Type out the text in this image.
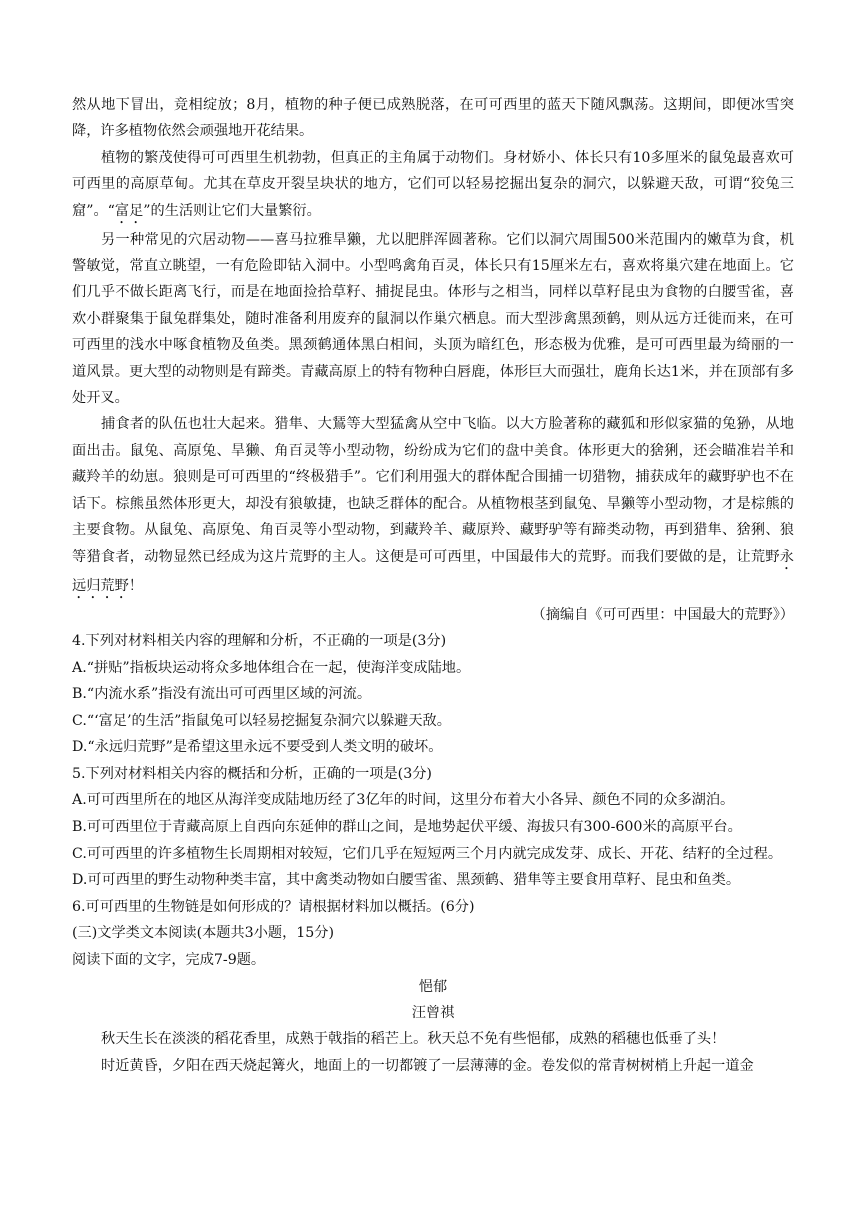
然从地下冒出，竞相绽放；8月，植物的种子便已成熟脱落，在可可西里的蓝天下随风飘荡。这期间，即便冰雪突降，许多植物依然会顽强地开花结果。

植物的繁茂使得可可西里生机勃勃，但真正的主角属于动物们。身材娇小、体长只有10多厘米的鼠兔最喜欢可可西里的高原草甸。尤其在草皮开裂呈块状的地方，它们可以轻易挖掘出复杂的洞穴，以躲避天敌，可谓“狡兔三窟”。“富足”的生活则让它们大量繁衍。

另一种常见的穴居动物——喜马拉雅旱獭，尤以肥胖浑圆著称。它们以洞穴周围500米范围内的嫩草为食，机警敏觉，常直立眺望，一有危险即钻入洞中。小型鸣禽角百灵，体长只有15厘米左右，喜欢将巢穴建在地面上。它们几乎不做长距离飞行，而是在地面捡拾草籽、捕捉昆虫。体形与之相当，同样以草籽昆虫为食物的白腰雪雀，喜欢小群聚集于鼠兔群集处，随时准备利用废弃的鼠洞以作巢穴栖息。而大型涉禽黑颈鹤，则从远方迁徙而来，在可可西里的浅水中啄食植物及鱼类。黑颈鹤通体黑白相间，头顶为暗红色，形态极为优雅，是可可西里最为绮丽的一道风景。更大型的动物则是有蹄类。青藏高原上的特有物种白唇鹿，体形巨大而强壮，鹿角长达1米，并在顶部有多处开叉。

捕食者的队伍也壮大起来。猎隼、大鵟等大型猛禽从空中飞临。以大方脸著称的藏狐和形似家猫的兔狲，从地面出击。鼠兔、高原兔、旱獭、角百灵等小型动物，纷纷成为它们的盘中美食。体形更大的猞猁，还会瞄准岩羊和藏羚羊的幼崽。狼则是可可西里的“终极猎手”。它们利用强大的群体配合围捕一切猎物，捕获成年的藏野驴也不在话下。棕熊虽然体形更大，却没有狼敏捷，也缺乏群体的配合。从植物根茎到鼠兔、旱獭等小型动物，才是棕熊的主要食物。从鼠兔、高原兔、角百灵等小型动物，到藏羚羊、藏原羚、藏野驴等有蹄类动物，再到猎隼、猞猁、狼等猎食者，动物显然已经成为这片荒野的主人。这便是可可西里，中国最伟大的荒野。而我们要做的是，让荒野永远归荒野！

（摘编自《可可西里：中国最大的荒野》）

4.下列对材料相关内容的理解和分析，不正确的一项是(3分)

A.“拼贴”指板块运动将众多地体组合在一起，使海洋变成陆地。

B.“内流水系”指没有流出可可西里区域的河流。

C.“‘富足’的生活”指鼠兔可以轻易挖掘复杂洞穴以躲避天敌。

D.“永远归荒野”是希望这里永远不要受到人类文明的破坏。

5.下列对材料相关内容的概括和分析，正确的一项是(3分)

A.可可西里所在的地区从海洋变成陆地历经了3亿年的时间，这里分布着大小各异、颜色不同的众多湖泊。

B.可可西里位于青藏高原上自西向东延伸的群山之间，是地势起伏平缓、海拔只有300-600米的高原平台。

C.可可西里的许多植物生长周期相对较短，它们几乎在短短两三个月内就完成发芽、成长、开花、结籽的全过程。

D.可可西里的野生动物种类丰富，其中禽类动物如白腰雪雀、黑颈鹤、猎隼等主要食用草籽、昆虫和鱼类。

6.可可西里的生物链是如何形成的？请根据材料加以概括。(6分)

(三)文学类文本阅读(本题共3小题，15分)

阅读下面的文字，完成7-9题。

悒郁

汪曾祺

秋天生长在淡淡的稻花香里，成熟于戟指的稻芒上。秋天总不免有些悒郁，成熟的稻穗也低垂了头！

时近黄昏，夕阳在西天烧起篝火，地面上的一切都镀了一层薄薄的金。卷发似的常青树树梢上升起一道金
